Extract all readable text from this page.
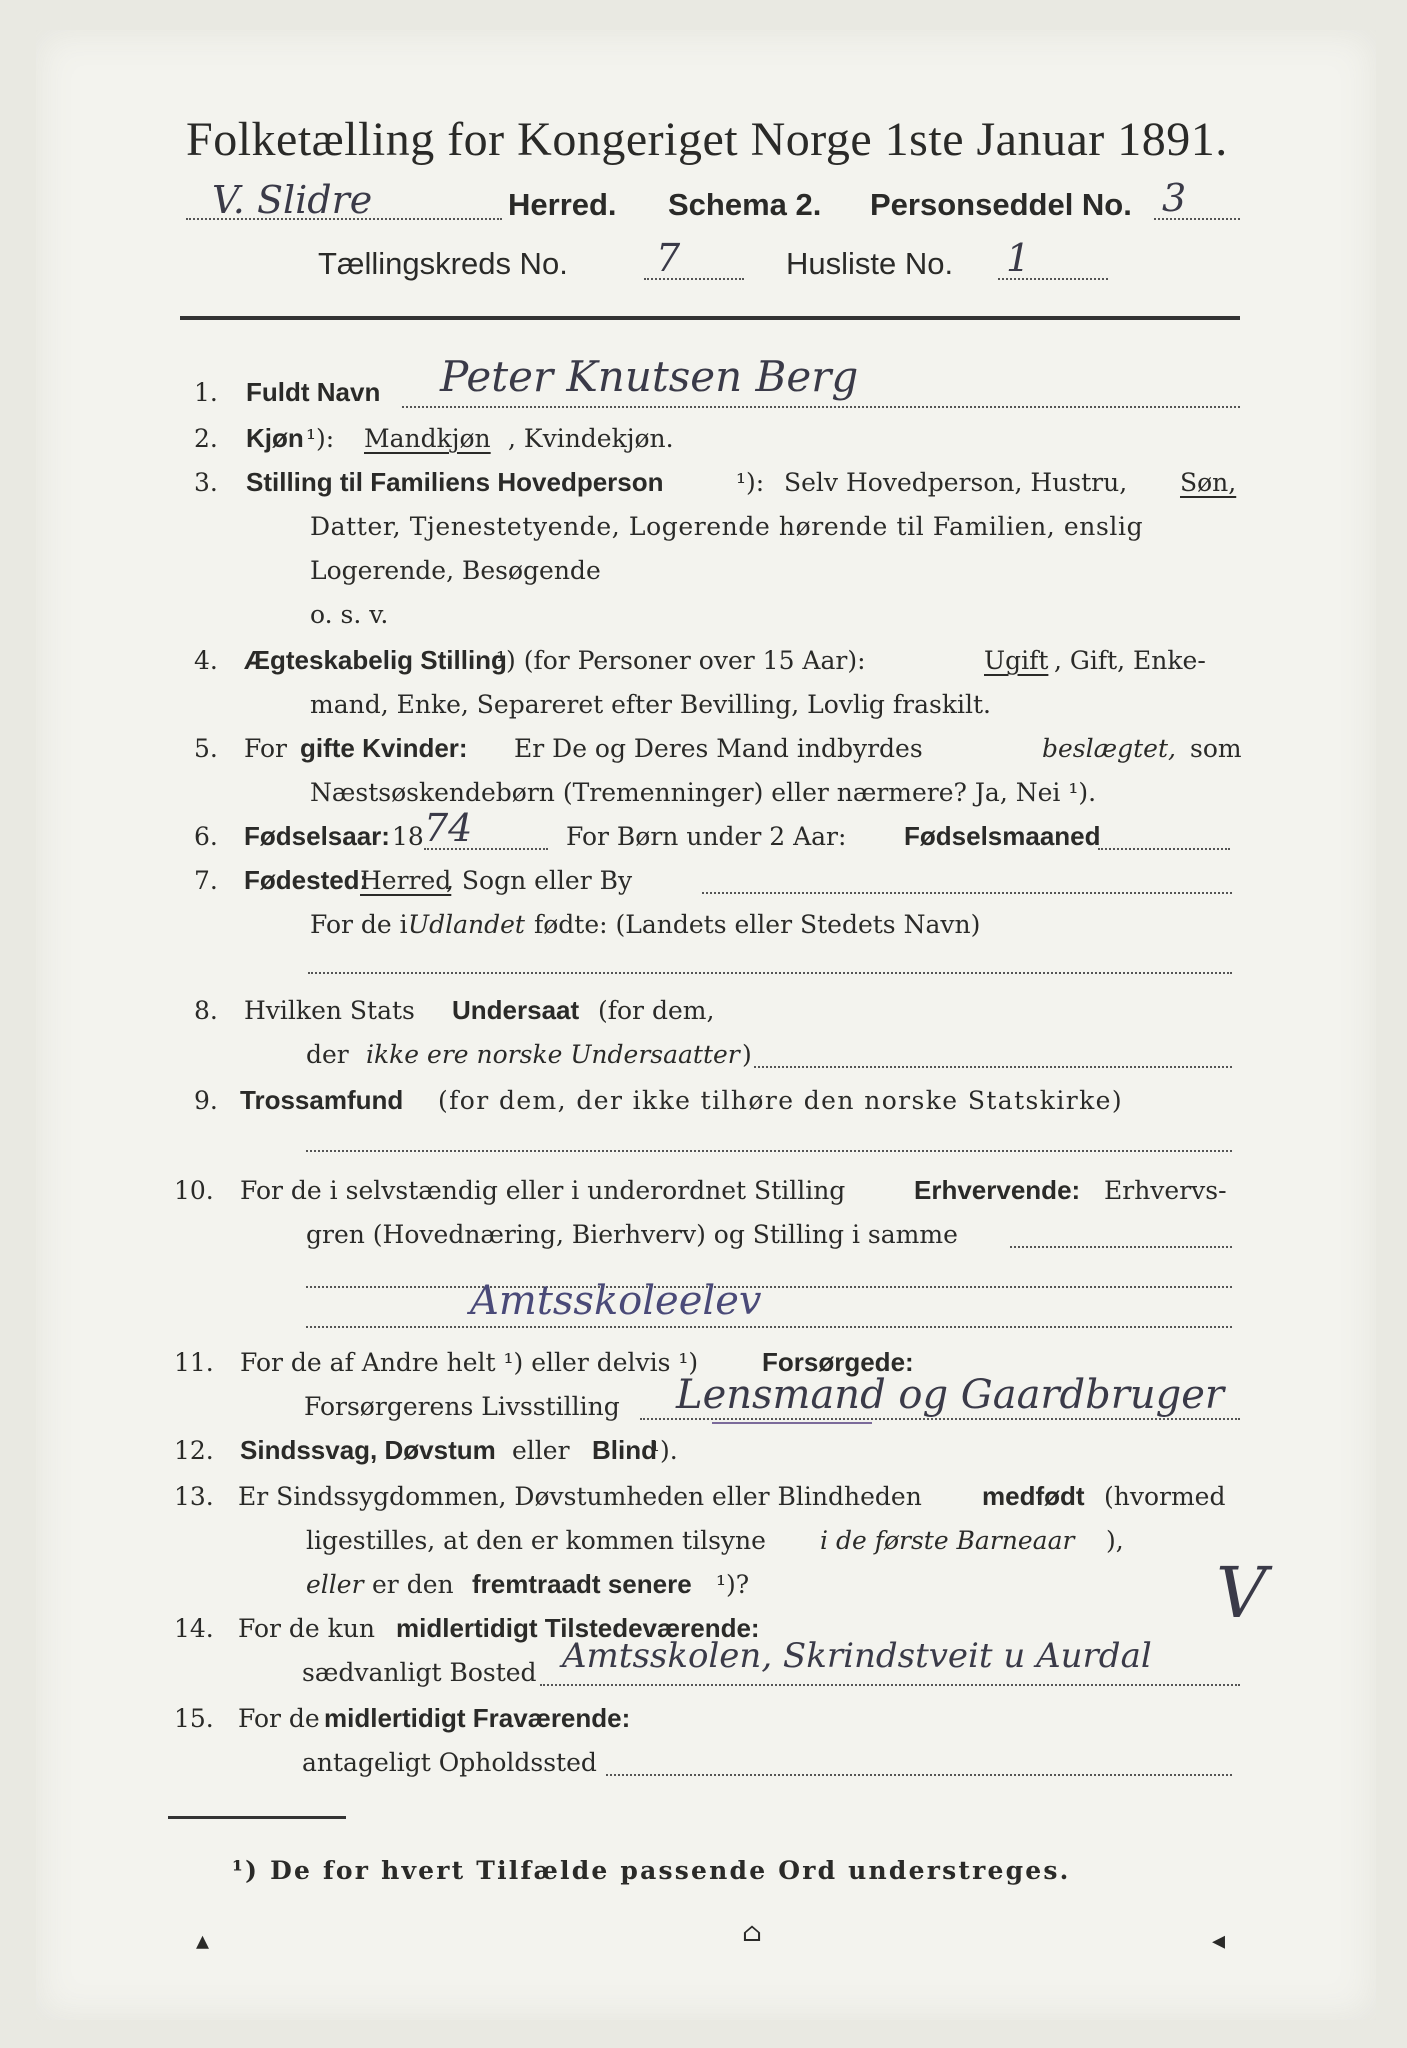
Folketælling for Kongeriget Norge 1ste Januar 1891.
V. Slidre	Herred. Schema 2. Personseddel No. 3
Tællingskreds No. 7	Husliste No. 1
1. Fuldt Navn Peter Knutsen Berg
2. Kjøn ¹): Mandkjøn , Kvindekjøn.
3. Stilling til Familiens Hovedperson	¹): Selv Hovedperson, Hustru, Søn,
Datter, Tjenestetyende, Logerende hørende til Familien, enslig
Logerende, Besøgende
o. s. v.
4. Ægteskabelig Stilling
¹) (for Personer over 15 Aar):	Ugift , Gift, Enke-
mand, Enke, Separeret efter Bevilling, Lovlig fraskilt.
5. For gifte Kvinder: Er De og Deres Mand indbyrdes	beslægtet, som
Næstsøskendebørn (Tremenninger) eller nærmere? Ja, Nei ¹).
6. Fødselsaar: 18 74	For Børn under 2 Aar: Fødselsmaaned
7. Fødested:
Herred
, Sogn eller By
For de i Udlandet fødte: (Landets eller Stedets Navn)
8. Hvilken Stats Undersaat (for dem,
der ikke ere norske Undersaatter )
9. Trossamfund (for dem, der ikke tilhøre den norske Statskirke)
10. For de i selvstændig eller i underordnet Stilling	Erhvervende: Erhvervs-
gren (Hovednæring, Bierhverv) og Stilling i samme
Amtsskoleelev
11. For de af Andre helt ¹) eller delvis ¹) Forsørgede:
Forsørgerens Livsstilling Lensmand og Gaardbruger
12. Sindssvag, Døvstum eller Blind
¹).
13. Er Sindssygdommen, Døvstumheden eller Blindheden medfødt (hvormed
ligestilles, at den er kommen tilsyne i de første Barneaar ),
eller er den fremtraadt senere ¹)?	V
14. For de kun midlertidigt Tilstedeværende:
sædvanligt Bosted Amtsskolen, Skrindstveit u Aurdal
15. For de midlertidigt Fraværende:
antageligt Opholdssted
¹) De for hvert Tilfælde passende Ord understreges.
▴	⌂	◂
